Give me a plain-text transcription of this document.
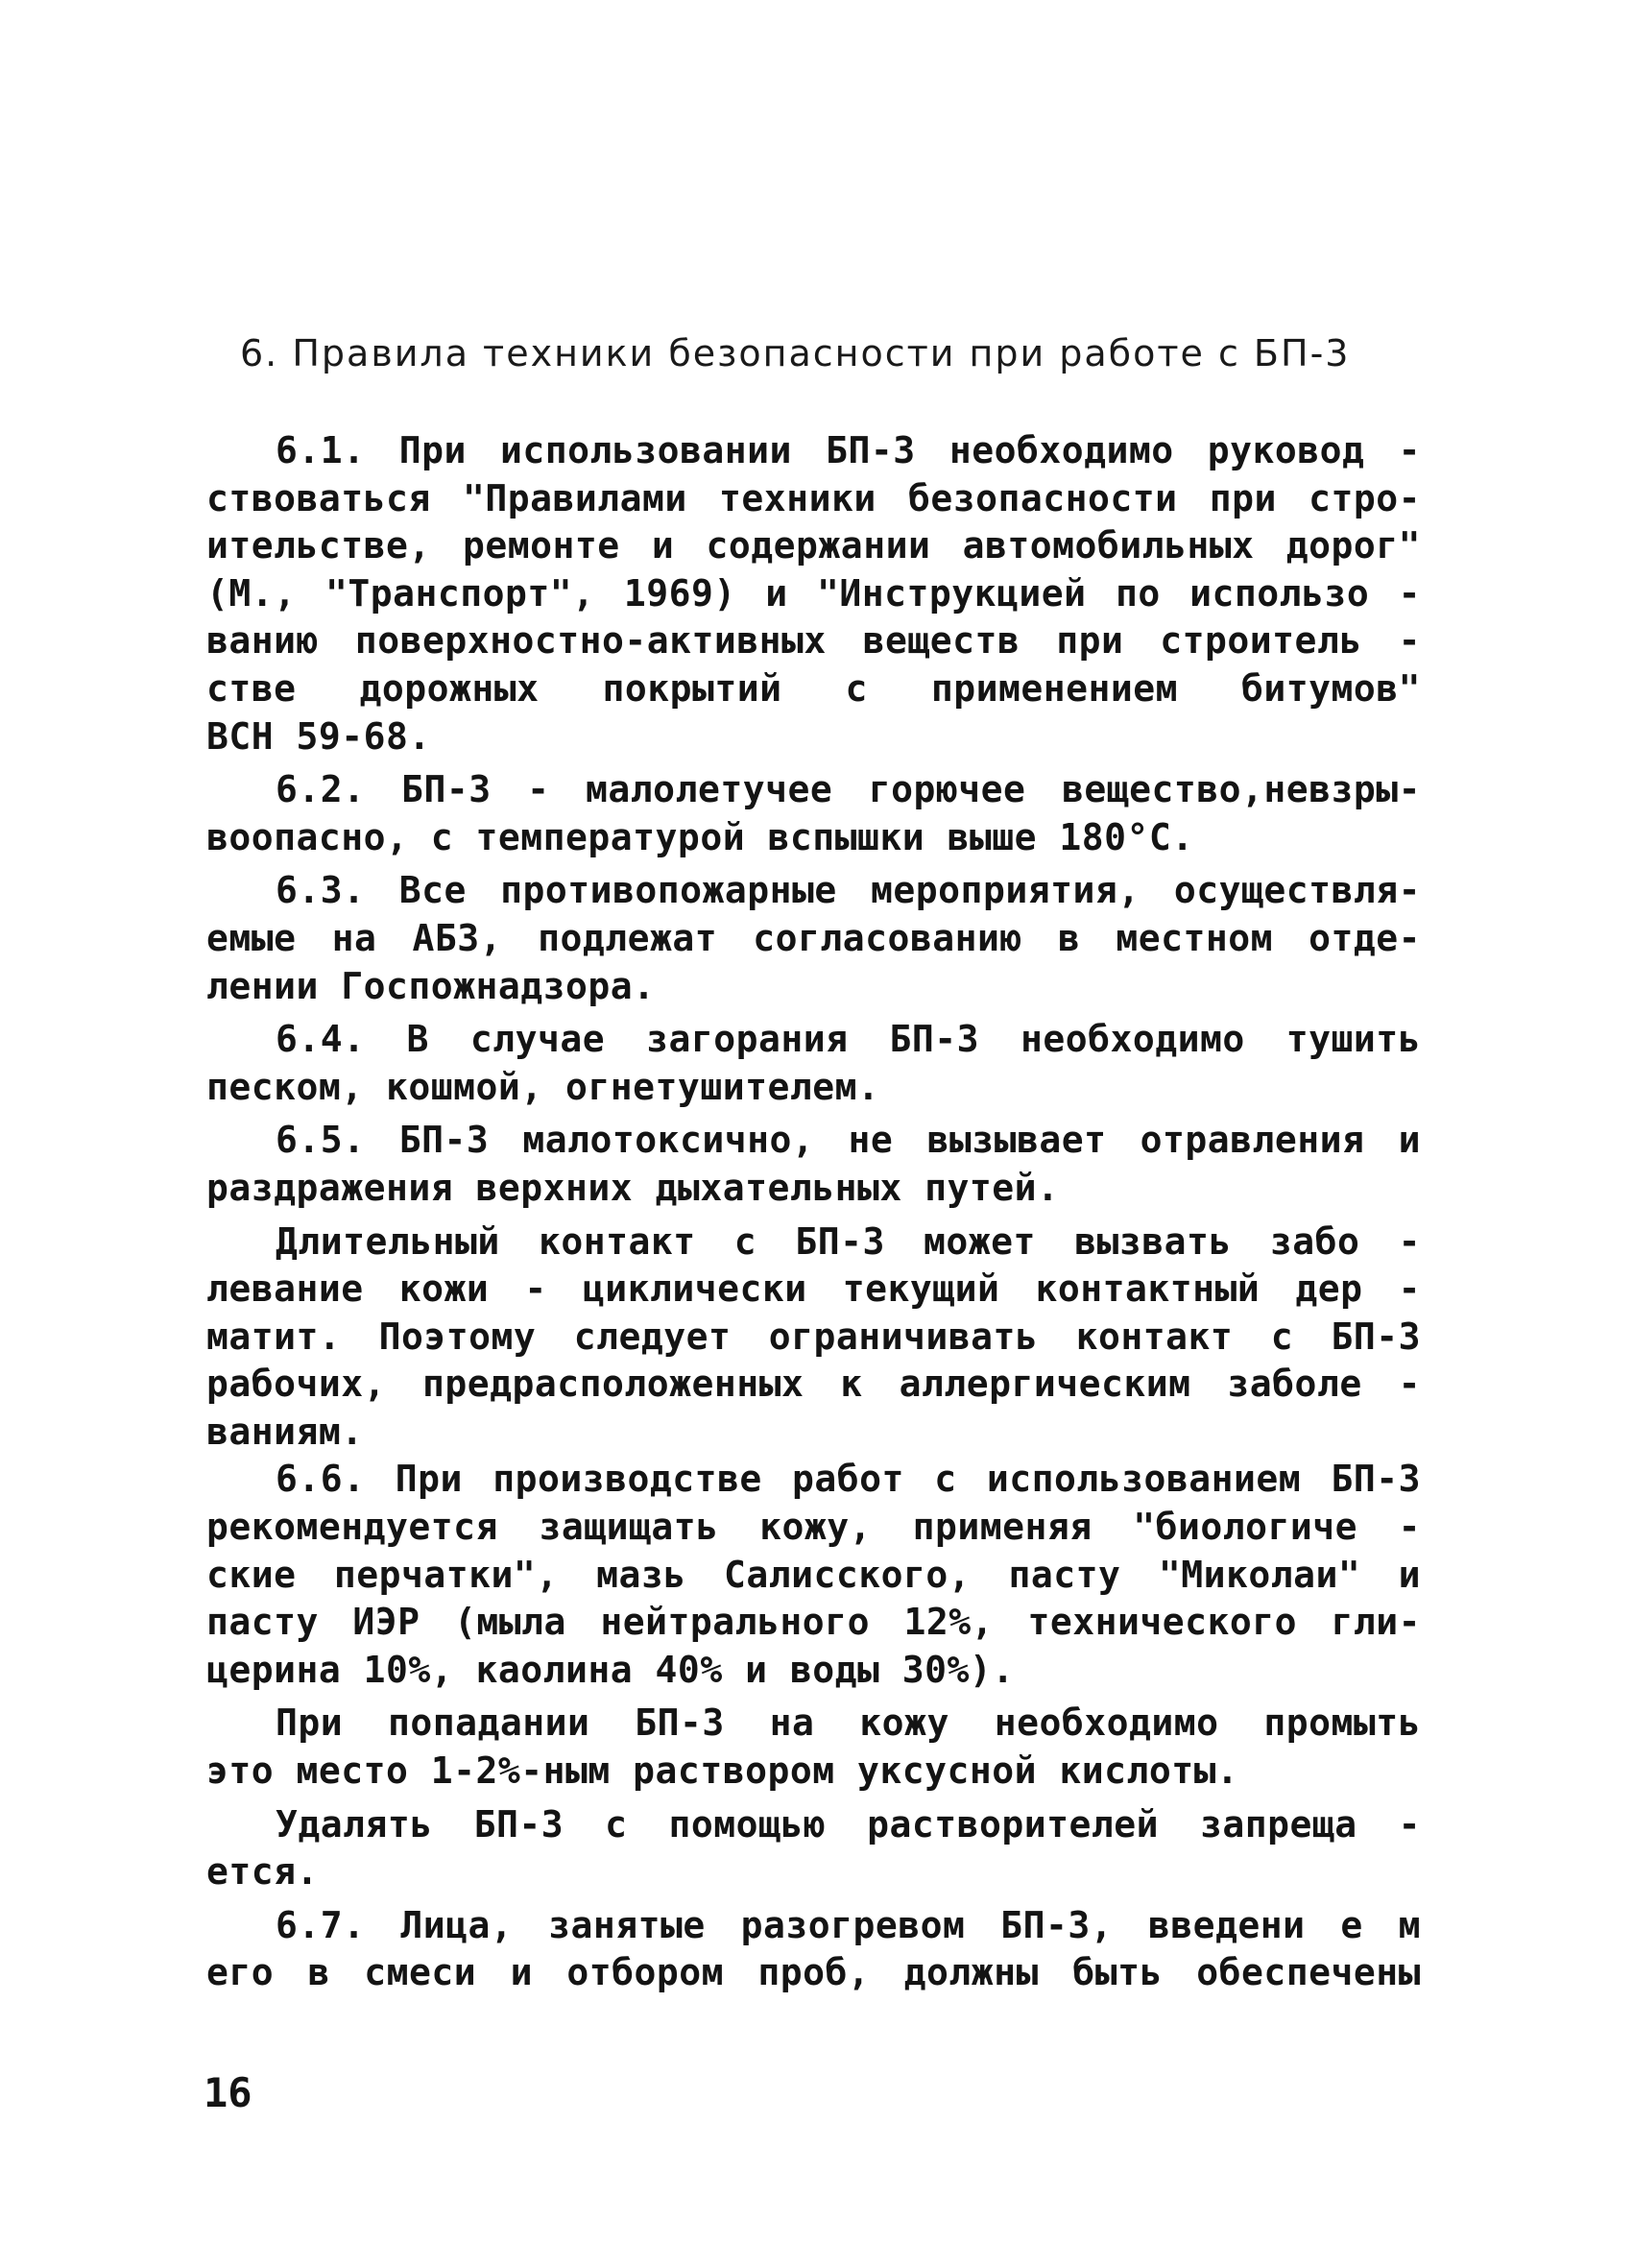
6. Правила техники безопасности при работе с БП-3
6.1. При использовании БП-3 необходимо руковод -
ствоваться "Правилами техники безопасности при стро-
ительстве, ремонте и содержании автомобильных дорог"
(М., "Транспорт", 1969) и "Инструкцией по использо -
ванию поверхностно-активных веществ при строитель -
стве дорожных покрытий с применением битумов"
ВСН 59-68.
6.2. БП-3 - малолетучее горючее вещество,невзры-
воопасно, с температурой вспышки выше 180°С.
6.3. Все противопожарные мероприятия, осуществля-
емые на АБЗ, подлежат согласованию в местном отде-
лении Госпожнадзора.
6.4. В случае загорания БП-3 необходимо тушить
песком, кошмой, огнетушителем.
6.5. БП-3 малотоксично, не вызывает отравления и
раздражения верхних дыхательных путей.
Длительный контакт с БП-3 может вызвать забо -
левание кожи - циклически текущий контактный дер -
матит. Поэтому следует ограничивать контакт с БП-3
рабочих, предрасположенных к аллергическим заболе -
ваниям.
6.6. При производстве работ с использованием БП-3
рекомендуется защищать кожу, применяя "биологиче -
ские перчатки", мазь Салисского, пасту "Миколаи" и
пасту ИЭР (мыла нейтрального 12%, технического гли-
церина 10%, каолина 40% и воды 30%).
При попадании БП-3 на кожу необходимо промыть
это место 1-2%-ным раствором уксусной кислоты.
Удалять БП-3 с помощью растворителей запреща -
ется.
6.7. Лица, занятые разогревом БП-3, введени е м
его в смеси и отбором проб, должны быть обеспечены
16
